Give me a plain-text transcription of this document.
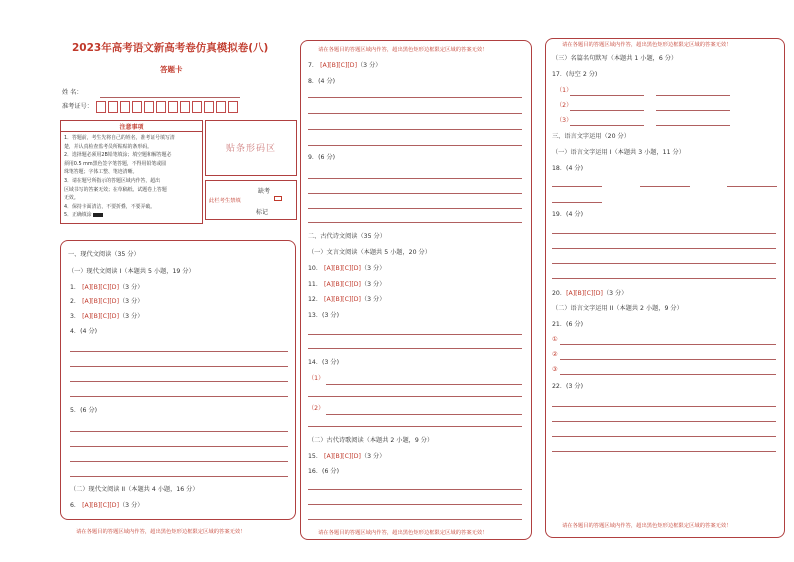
2023年高考语文新高考卷仿真模拟卷(八)
答题卡
姓 名：
准考证号：
注意事项
1．答题前，考生先将自己的姓名，准考证号填写清
楚，并认真检查监考员所粘贴的条形码。
2．选择题必须用2B铅笔填涂；填空题和解答题必
须用0.5 mm黑色签字笔答题，不得用铅笔或圆
珠笔答题；字体工整、笔迹清晰。
3．请在题号所指示的答题区域内作答，超出
区域书写的答案无效；在草稿纸、试题卷上答题
无效。
4．保持卡面清洁，不要折叠，不要弄破。
5．正确填涂
贴条形码区
缺考
此栏考生禁填
标记
一、现代文阅读（35 分）
（一）现代文阅读 I（本题共 5 小题，19 分）
1． [A][B][C][D]（3 分）
2． [A][B][C][D]（3 分）
3． [A][B][C][D]（3 分）
4．(4 分)
5．(6 分)
（二）现代文阅读 II（本题共 4 小题，16 分）
6． [A][B][C][D]（3 分）
请在各题目的答题区域内作答，超出黑色矩形边框限定区域的答案无效！
请在各题目的答题区域内作答，超出黑色矩形边框限定区域的答案无效！
7． [A][B][C][D]（3 分）
8．(4 分)
9．(6 分)
二、古代诗文阅读（35 分）
（一）文言文阅读（本题共 5 小题，20 分）
10． [A][B][C][D]（3 分）
11． [A][B][C][D]（3 分）
12． [A][B][C][D]（3 分）
13．(3 分)
14．(3 分)
（1）
（2）
（二）古代诗歌阅读（本题共 2 小题，9 分）
15． [A][B][C][D]（3 分）
16．(6 分)
请在各题目的答题区域内作答，超出黑色矩形边框限定区域的答案无效！
请在各题目的答题区域内作答，超出黑色矩形边框限定区域的答案无效！
（三）名篇名句默写（本题共 1 小题，6 分）
17．(每空 2 分)
（1）
（2）
（3）
三、语言文字运用（20 分）
（一）语言文字运用 I（本题共 3 小题，11 分）
18．(4 分)
19．(4 分)
20．[A][B][C][D]（3 分）
（二）语言文字运用 II（本题共 2 小题，9 分）
21．(6 分)
①
②
③
22．(3 分)
请在各题目的答题区域内作答，超出黑色矩形边框限定区域的答案无效！
